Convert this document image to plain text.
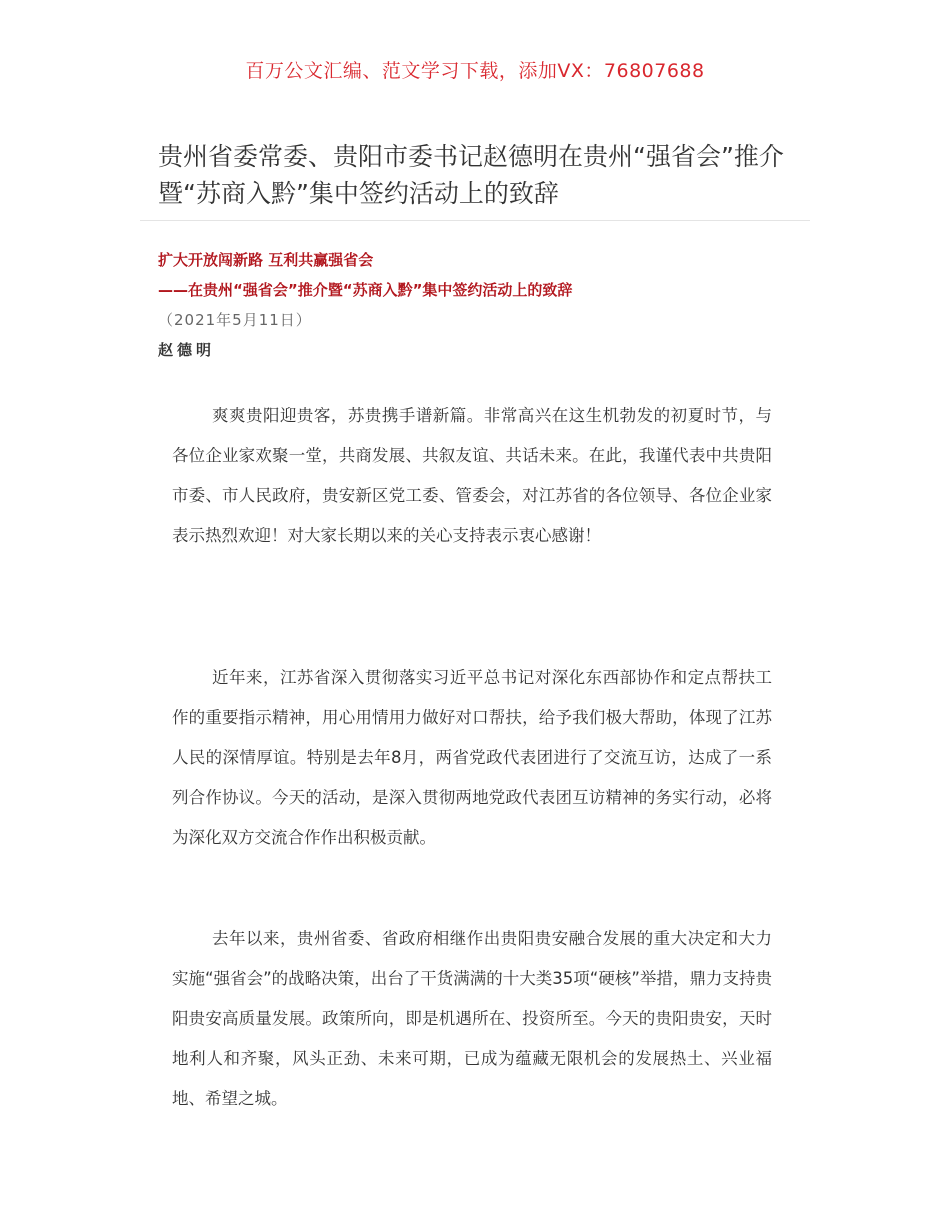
百万公文汇编、范文学习下载，添加VX：76807688
贵州省委常委、贵阳市委书记赵德明在贵州“强省会”推介暨“苏商入黔”集中签约活动上的致辞
扩大开放闯新路 互利共赢强省会
——在贵州“强省会”推介暨“苏商入黔”集中签约活动上的致辞
（2021年5月11日）
赵德明

爽爽贵阳迎贵客，苏贵携手谱新篇。非常高兴在这生机勃发的初夏时节，与各位企业家欢聚一堂，共商发展、共叙友谊、共话未来。在此，我谨代表中共贵阳市委、市人民政府，贵安新区党工委、管委会，对江苏省的各位领导、各位企业家表示热烈欢迎！对大家长期以来的关心支持表示衷心感谢！

近年来，江苏省深入贯彻落实习近平总书记对深化东西部协作和定点帮扶工作的重要指示精神，用心用情用力做好对口帮扶，给予我们极大帮助，体现了江苏人民的深情厚谊。特别是去年8月，两省党政代表团进行了交流互访，达成了一系列合作协议。今天的活动，是深入贯彻两地党政代表团互访精神的务实行动，必将为深化双方交流合作作出积极贡献。

去年以来，贵州省委、省政府相继作出贵阳贵安融合发展的重大决定和大力实施“强省会”的战略决策，出台了干货满满的十大类35项“硬核”举措，鼎力支持贵阳贵安高质量发展。政策所向，即是机遇所在、投资所至。今天的贵阳贵安，天时地利人和齐聚，风头正劲、未来可期，已成为蕴藏无限机会的发展热土、兴业福地、希望之城。
